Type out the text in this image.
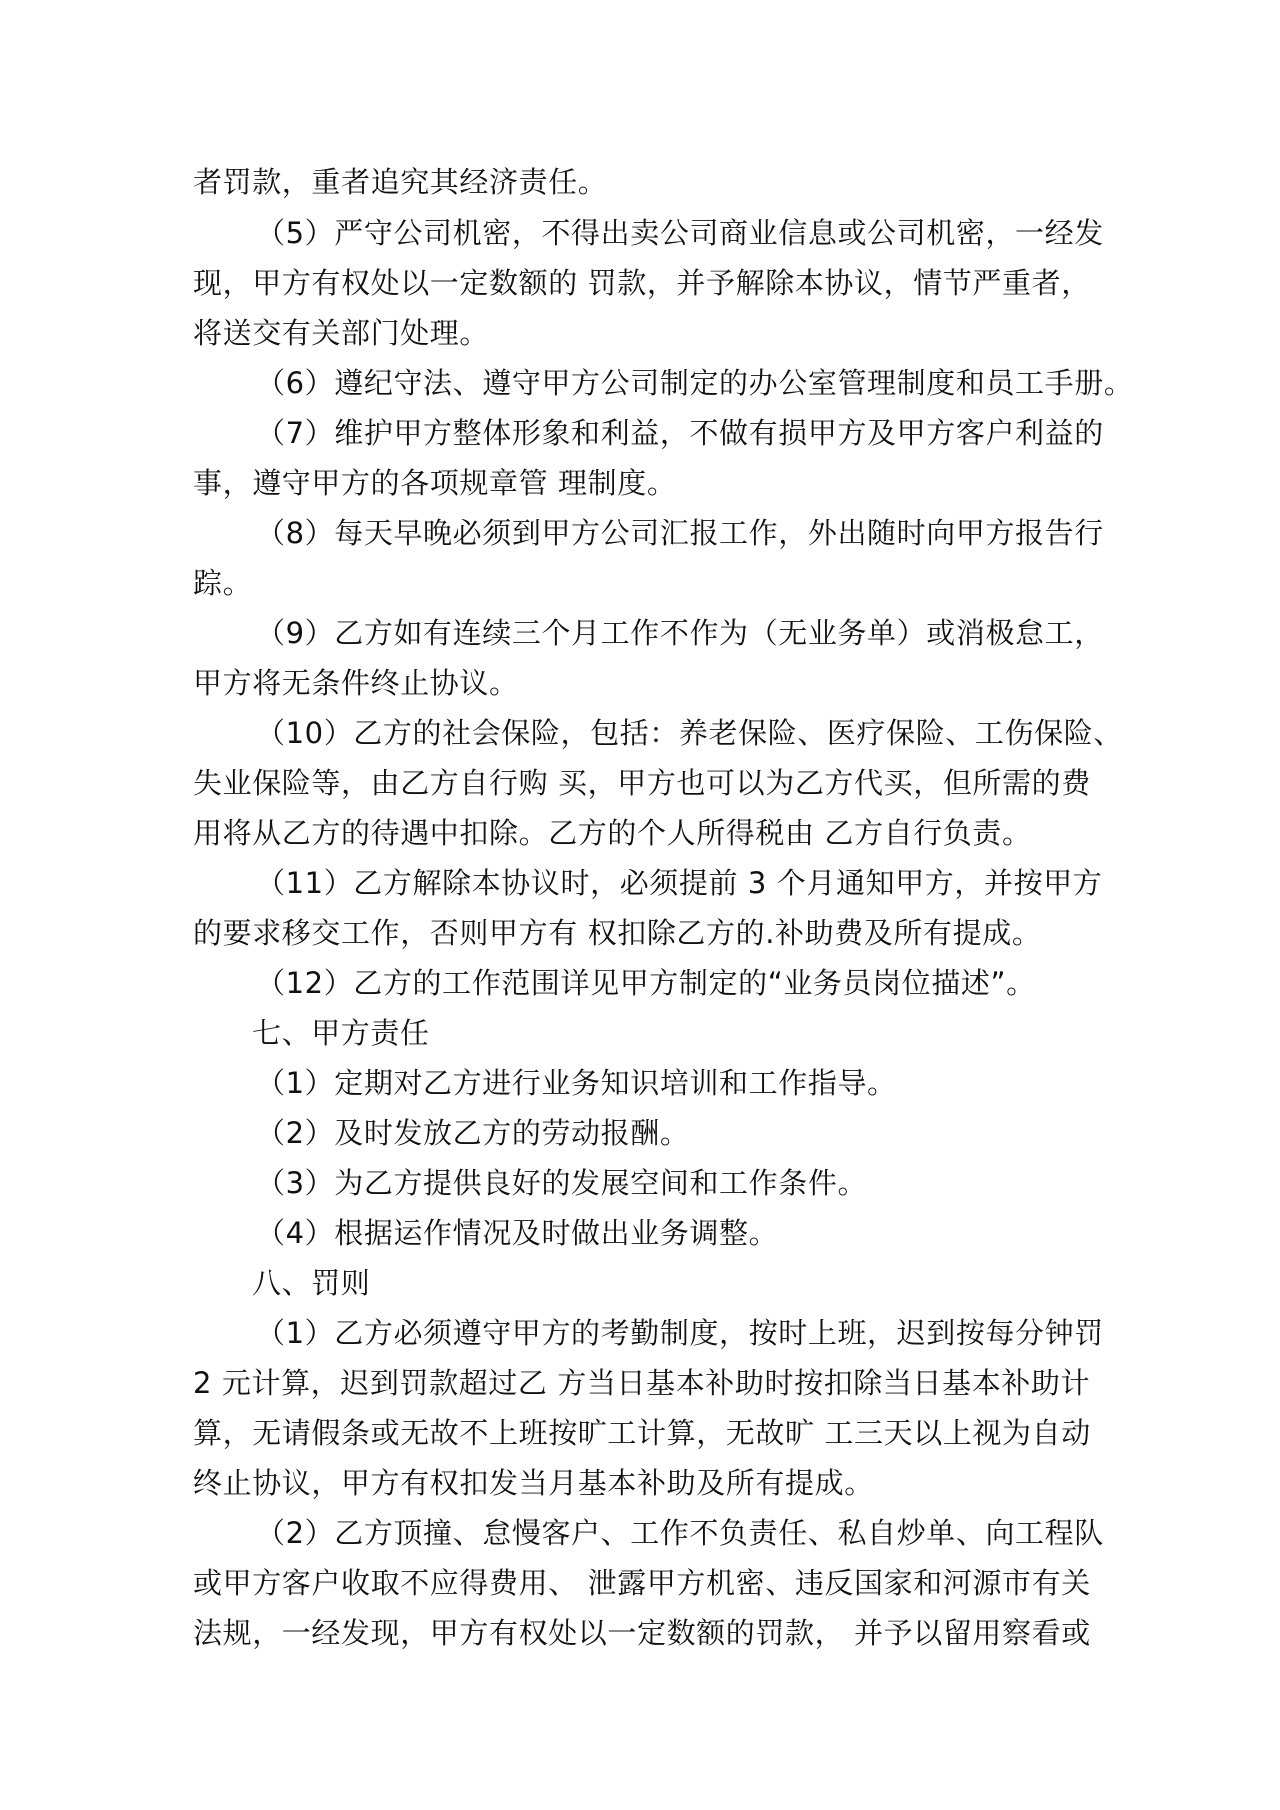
者罚款，重者追究其经济责任。

（5）严守公司机密，不得出卖公司商业信息或公司机密，一经发

现，甲方有权处以一定数额的 罚款，并予解除本协议，情节严重者，

将送交有关部门处理。

（6）遵纪守法、遵守甲方公司制定的办公室管理制度和员工手册。

（7）维护甲方整体形象和利益，不做有损甲方及甲方客户利益的

事，遵守甲方的各项规章管 理制度。

（8）每天早晚必须到甲方公司汇报工作，外出随时向甲方报告行

踪。

（9）乙方如有连续三个月工作不作为（无业务单）或消极怠工，

甲方将无条件终止协议。

（10）乙方的社会保险，包括：养老保险、医疗保险、工伤保险、

失业保险等，由乙方自行购 买，甲方也可以为乙方代买，但所需的费

用将从乙方的待遇中扣除。乙方的个人所得税由 乙方自行负责。

（11）乙方解除本协议时，必须提前 3 个月通知甲方，并按甲方

的要求移交工作，否则甲方有 权扣除乙方的.补助费及所有提成。

（12）乙方的工作范围详见甲方制定的“业务员岗位描述”。

七、甲方责任

（1）定期对乙方进行业务知识培训和工作指导。

（2）及时发放乙方的劳动报酬。

（3）为乙方提供良好的发展空间和工作条件。

（4）根据运作情况及时做出业务调整。

八、罚则

（1）乙方必须遵守甲方的考勤制度，按时上班，迟到按每分钟罚

2 元计算，迟到罚款超过乙 方当日基本补助时按扣除当日基本补助计

算，无请假条或无故不上班按旷工计算，无故旷 工三天以上视为自动

终止协议，甲方有权扣发当月基本补助及所有提成。

（2）乙方顶撞、怠慢客户、工作不负责任、私自炒单、向工程队

或甲方客户收取不应得费用、 泄露甲方机密、违反国家和河源市有关

法规，一经发现，甲方有权处以一定数额的罚款， 并予以留用察看或
